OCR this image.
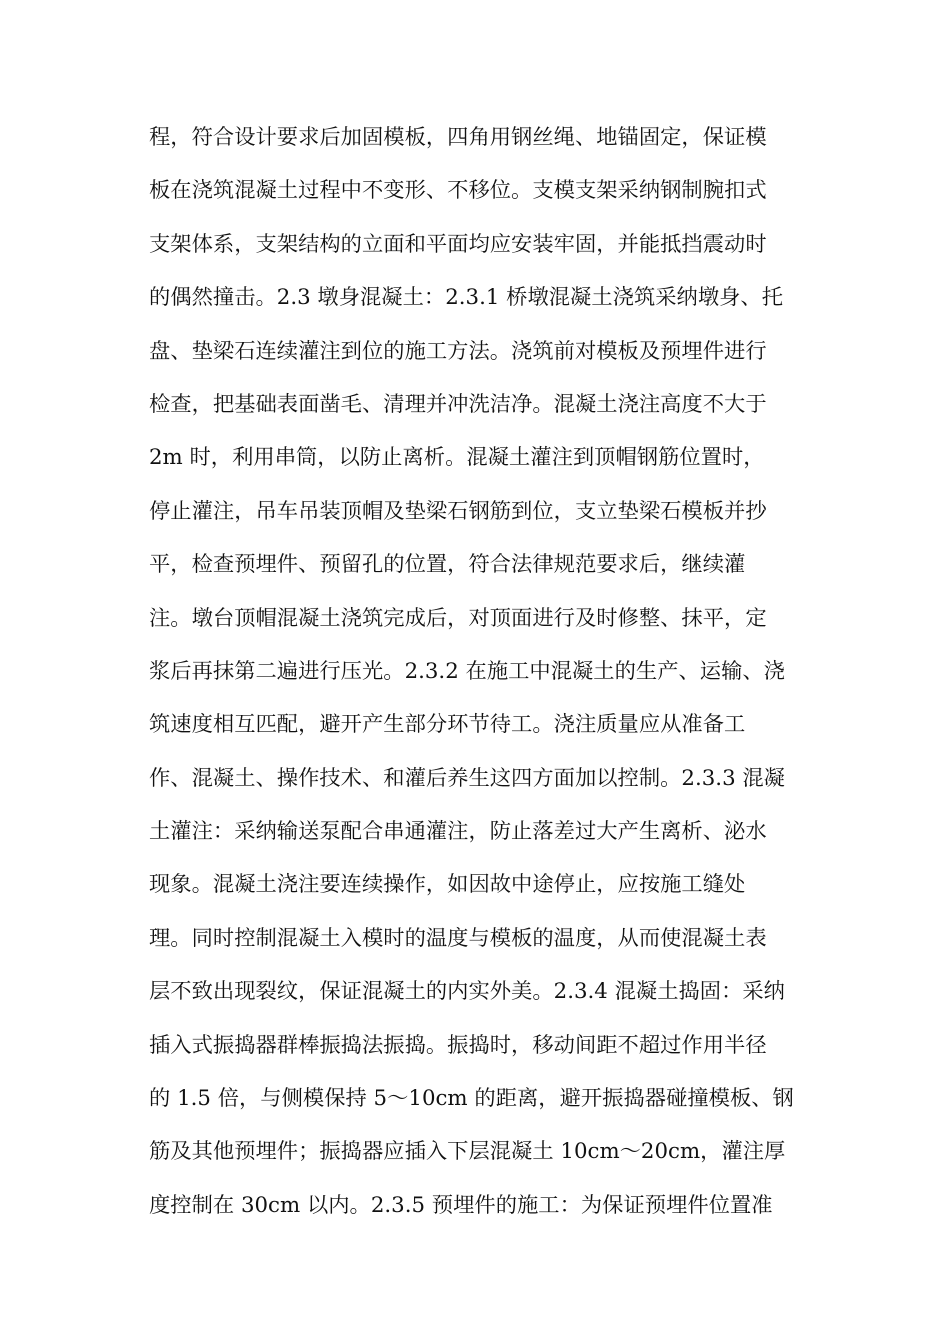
程，符合设计要求后加固模板，四角用钢丝绳、地锚固定，保证模
板在浇筑混凝土过程中不变形、不移位。支模支架采纳钢制腕扣式
支架体系，支架结构的立面和平面均应安装牢固，并能抵挡震动时
的偶然撞击。2.3 墩身混凝土：2.3.1 桥墩混凝土浇筑采纳墩身、托
盘、垫梁石连续灌注到位的施工方法。浇筑前对模板及预埋件进行
检查，把基础表面凿毛、清理并冲洗洁净。混凝土浇注高度不大于
2m 时，利用串筒，以防止离析。混凝土灌注到顶帽钢筋位置时，
停止灌注，吊车吊装顶帽及垫梁石钢筋到位，支立垫梁石模板并抄
平，检查预埋件、预留孔的位置，符合法律规范要求后，继续灌
注。墩台顶帽混凝土浇筑完成后，对顶面进行及时修整、抹平，定
浆后再抹第二遍进行压光。2.3.2 在施工中混凝土的生产、运输、浇
筑速度相互匹配，避开产生部分环节待工。浇注质量应从准备工
作、混凝土、操作技术、和灌后养生这四方面加以控制。2.3.3 混凝
土灌注：采纳输送泵配合串通灌注，防止落差过大产生离析、泌水
现象。混凝土浇注要连续操作，如因故中途停止，应按施工缝处
理。同时控制混凝土入模时的温度与模板的温度，从而使混凝土表
层不致出现裂纹，保证混凝土的内实外美。2.3.4 混凝土捣固：采纳
插入式振捣器群棒振捣法振捣。振捣时，移动间距不超过作用半径
的 1.5 倍，与侧模保持 5～10cm 的距离，避开振捣器碰撞模板、钢
筋及其他预埋件；振捣器应插入下层混凝土 10cm～20cm，灌注厚
度控制在 30cm 以内。2.3.5 预埋件的施工：为保证预埋件位置准
